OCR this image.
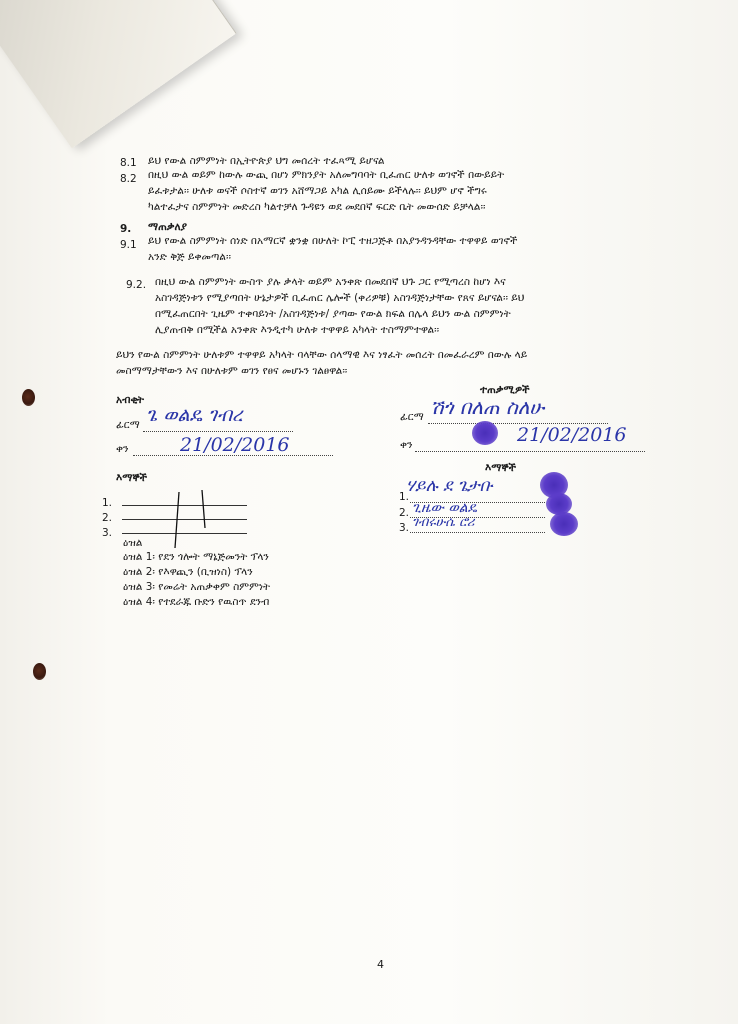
8.1 ይህ የውል ስምምነት በኢትዮጵያ ህግ መሰረት ተፈጻሚ ይሆናል
8.2 በዚህ ውል ወይም ከውሉ ውጪ በሆነ ምክንያት አለመግባባት ቢፈጠር ሁለቱ ወገኖች በውይይት
ይፈቱታል፡፡ ሁለቱ ወናች ሶስተኛ ወገን አሸማጋይ አካል ሊሰይሙ ይችላሉ፡፡ ይህም ሆኖ ችግሩ
ካልተፈታና ስምምነት መድረስ ካልተቻለ ጉዳዩን ወደ መደበኛ ፍርድ ቤት መውሰድ ይቻላል፡፡
9. ማጠቃለያ
9.1 ይህ የውል ስምምነት ሰነድ በአማርኛ ቋንቋ በሁለት ኮፒ ተዘጋጅቶ በአያንዳንዳቸው ተዋዋይ ወገኖች
አንድ ቅጅ ይቀመጣል፡፡
9.2. በዚህ ውል ስምምነት ውስጥ ያሉ ቃላት ወይም አንቀጽ በመደበኛ ህጉ ጋር የሚጣረስ ከሆነ እና
አስገዳጅነቱን የሚያጣበት ሁኔታዎች ቢፈጠር ሌሎች (ቀሪዎቹ) አስገዳጅነታቸው የጸና ይሆናል፡፡ ይህ
በሚፈጠርበት ጊዜም ተቀባይነት /አስገዳጅነቱ/ ያጣው የውል ክፍል በሌላ ይህን ውል ስምምነት
ሊያጠብቅ በሚችል አንቀጽ እንዲተካ ሁለቱ ተዋዋይ አካላት ተስማምተዋል፡፡
ይህን የውል ስምምነት ሁለቱም ተዋዋይ አካላት ባላቸው ሰላማዊ እና ነፃፈት መሰረት በመፈራረም በውሉ ላይ
መስማማታቸውን እና በሁለቱም ወገን የፀና መሆኑን ገልፀዋል፡፡
አብቂት
ፊርማ ጌ ወልዴ ገብረ
ቀን	21/02/2016
እማኞች
1.
2.
3.
ዕዝል
ዕዝል 1፡ የደን ጎሎት ማኔጅመንት ፕላን
ዕዝል 2፡ የእዋጪን (ቢዝነስ) ፕላን
ዕዝል 3፡ የመሬት አጠቃቀም ስምምነት
ዕዝል 4፡ የተደራጁ ቡድን የዉስጥ ደንብ
ተጠቃሚዎች
ፊርማ ሽጎ በለጠ ስለሁ
ቀን	21/02/2016
እማኞች
1.
2.
3.
ሃይሉ ደ ጌታቡ
ጊዜው ወልዴ
ገብሩሁሴ ሮሪ
4
